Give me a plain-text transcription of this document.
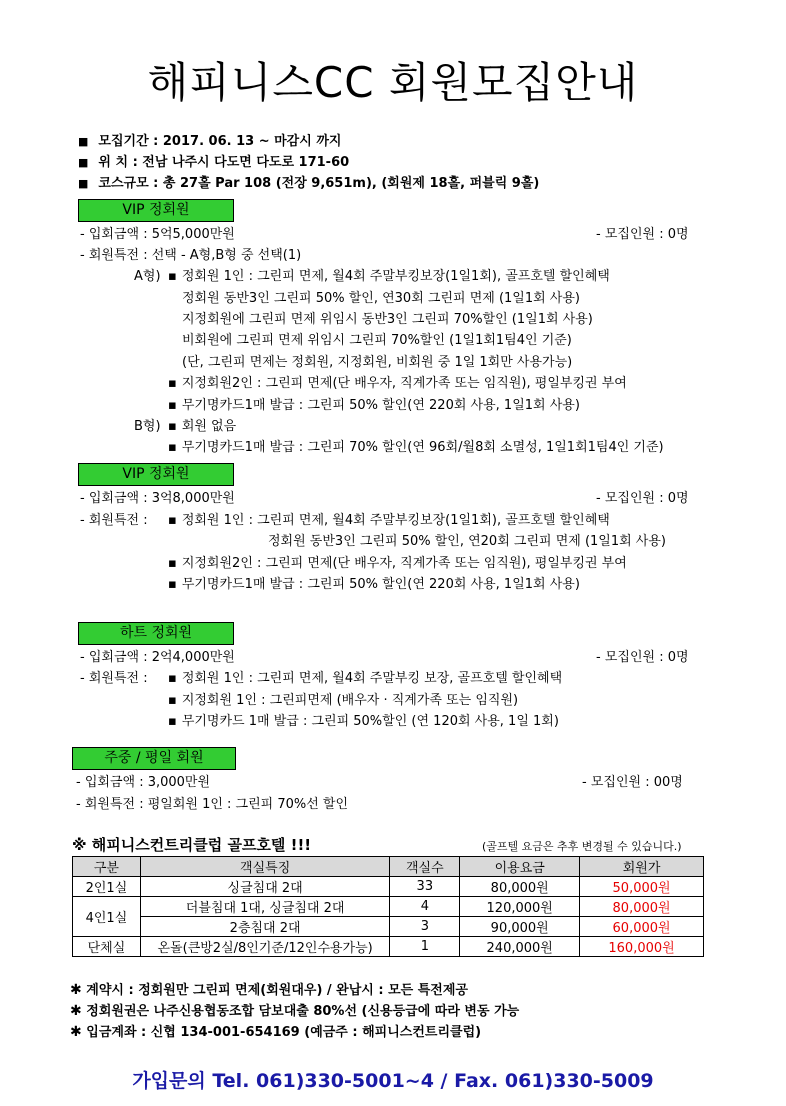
해피니스CC 회원모집안내
■ 모집기간 : 2017. 06. 13 ~ 마감시 까지
■ 위 치 : 전남 나주시 다도면 다도로 171-60
■ 코스규모 : 총 27홀 Par 108 (전장 9,651m), (회원제 18홀, 퍼블릭 9홀)
VIP 정회원
- 입회금액 : 5억5,000만원	- 모집인원 : 0명
- 회원특전 : 선택 - A형,B형 중 선택(1)
A형)	▪ 정회원 1인 : 그린피 면제, 월4회 주말부킹보장(1일1회), 골프호텔 할인혜택
정회원 동반3인 그린피 50% 할인, 연30회 그린피 면제 (1일1회 사용)
지정회원에 그린피 면제 위임시 동반3인 그린피 70%할인 (1일1회 사용)
비회원에 그린피 면제 위임시 그린피 70%할인 (1일1회1팀4인 기준)
(단, 그린피 면제는 정회원, 지정회원, 비회원 중 1일 1회만 사용가능)
▪ 지정회원2인 : 그린피 면제(단 배우자, 직계가족 또는 임직원), 평일부킹권 부여
▪ 무기명카드1매 발급 : 그린피 50% 할인(연 220회 사용, 1일1회 사용)
B형)	▪ 회원 없음
▪ 무기명카드1매 발급 : 그린피 70% 할인(연 96회/월8회 소멸성, 1일1회1팀4인 기준)
VIP 정회원
- 입회금액 : 3억8,000만원	- 모집인원 : 0명
- 회원특전 :	▪ 정회원 1인 : 그린피 면제, 월4회 주말부킹보장(1일1회), 골프호텔 할인혜택
정회원 동반3인 그린피 50% 할인, 연20회 그린피 면제 (1일1회 사용)
▪ 지정회원2인 : 그린피 면제(단 배우자, 직계가족 또는 임직원), 평일부킹권 부여
▪ 무기명카드1매 발급 : 그린피 50% 할인(연 220회 사용, 1일1회 사용)
하트 정회원
- 입회금액 : 2억4,000만원	- 모집인원 : 0명
- 회원특전 :	▪ 정회원 1인 : 그린피 면제, 월4회 주말부킹 보장, 골프호텔 할인혜택
▪ 지정회원 1인 : 그린피면제 (배우자 · 직계가족 또는 임직원)
▪ 무기명카드 1매 발급 : 그린피 50%할인 (연 120회 사용, 1일 1회)
주중 / 평일 회원
- 입회금액 : 3,000만원	- 모집인원 : 00명
- 회원특전 : 평일회원 1인 : 그린피 70%선 할인
※ 해피니스컨트리클럽 골프호텔 !!!	(골프텔 요금은 추후 변경될 수 있습니다.)
구분	객실특징	객실수	이용요금	회원가
2인1실	싱글침대 2대	33	80,000원	50,000원
4인1실	더블침대 1대, 싱글침대 2대	4	120,000원	80,000원
	2층침대 2대	3	90,000원	60,000원
단체실	온돌(큰방2실/8인기준/12인수용가능)	1	240,000원	160,000원
✱ 계약시 : 정회원만 그린피 면제(회원대우) / 완납시 : 모든 특전제공
✱ 정회원권은 나주신용협동조합 담보대출 80%선 (신용등급에 따라 변동 가능
✱ 입금계좌 : 신협 134-001-654169 (예금주 : 해피니스컨트리클럽)
가입문의 Tel. 061)330-5001~4 / Fax. 061)330-5009
